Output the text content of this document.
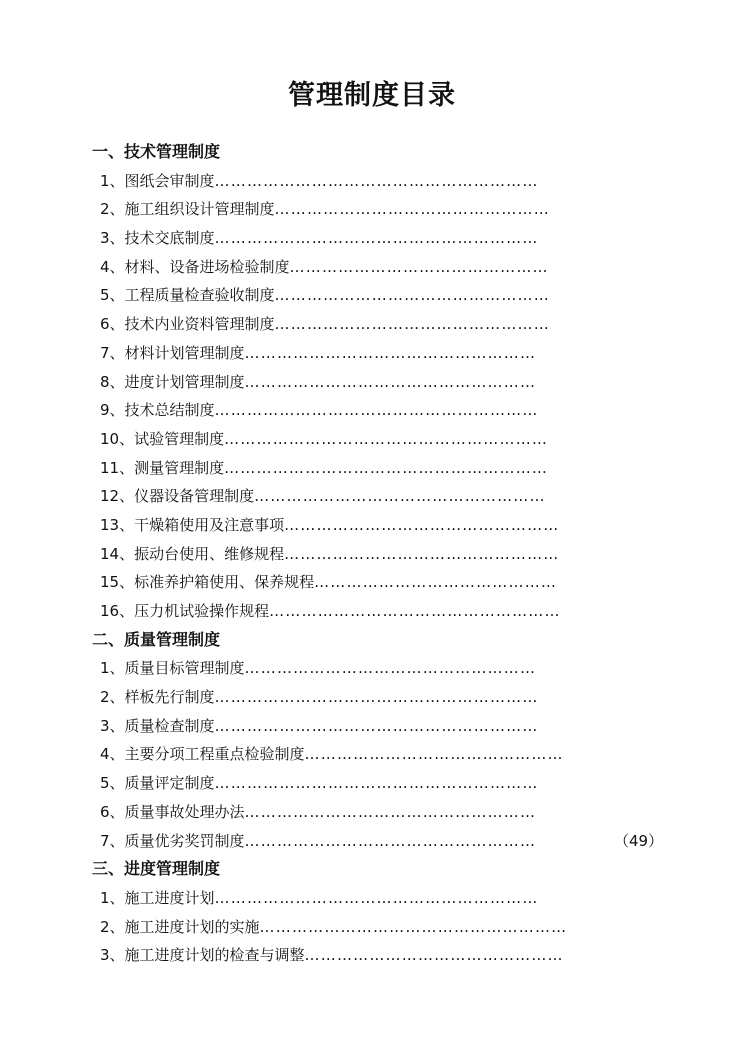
管理制度目录
一、技术管理制度
1、图纸会审制度……………………………………………………
2、施工组织设计管理制度……………………………………………
3、技术交底制度……………………………………………………
4、材料、设备进场检验制度…………………………………………
5、工程质量检查验收制度……………………………………………
6、技术内业资料管理制度……………………………………………
7、材料计划管理制度………………………………………………
8、进度计划管理制度………………………………………………
9、技术总结制度……………………………………………………
10、试验管理制度……………………………………………………
11、测量管理制度……………………………………………………
12、仪器设备管理制度………………………………………………
13、干燥箱使用及注意事项……………………………………………
14、振动台使用、维修规程……………………………………………
15、标准养护箱使用、保养规程………………………………………
16、压力机试验操作规程………………………………………………
二、质量管理制度
1、质量目标管理制度………………………………………………
2、样板先行制度……………………………………………………
3、质量检查制度……………………………………………………
4、主要分项工程重点检验制度…………………………………………
5、质量评定制度……………………………………………………
6、质量事故处理办法………………………………………………
7、质量优劣奖罚制度………………………………………………	（49）
三、进度管理制度
1、施工进度计划……………………………………………………
2、施工进度计划的实施…………………………………………………
3、施工进度计划的检查与调整…………………………………………
